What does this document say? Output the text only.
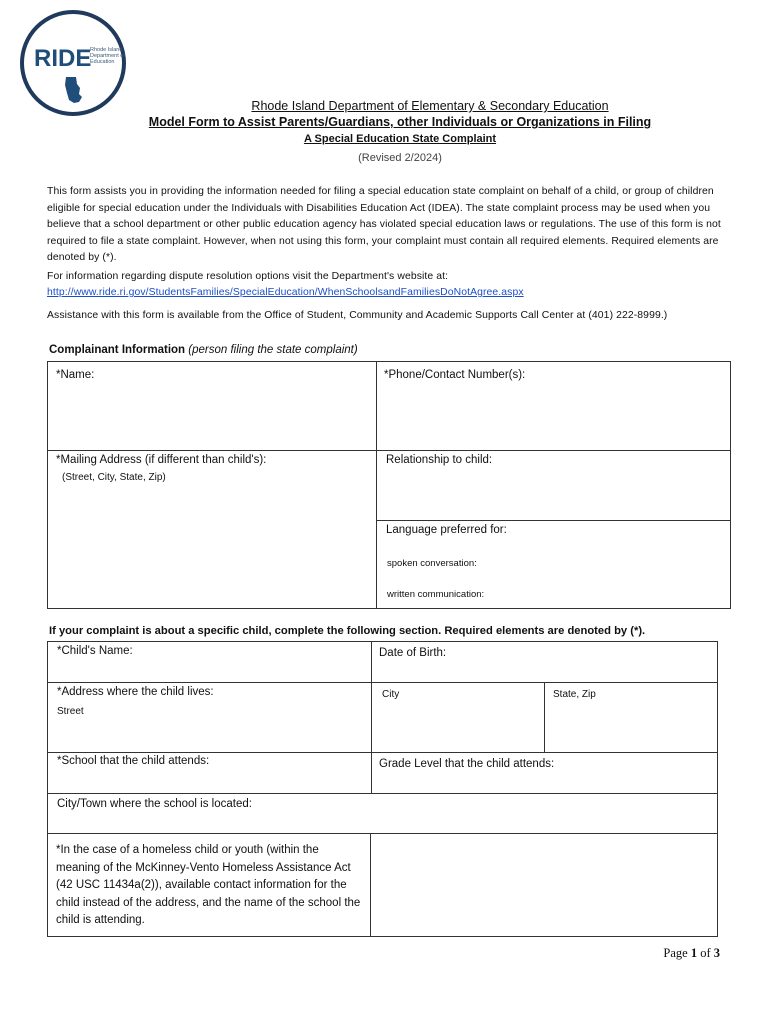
RIDE
Rhode Island Department of Education
Rhode Island Department of Elementary & Secondary Education
Model Form to Assist Parents/Guardians, other Individuals or Organizations in Filing
A Special Education State Complaint
(Revised 2/2024)
This form assists you in providing the information needed for filing a special education state complaint on behalf of a child, or group of children eligible for special education under the Individuals with Disabilities Education Act (IDEA). The state complaint process may be used when you believe that a school department or other public education agency has violated special education laws or regulations. The use of this form is not required to file a state complaint. However, when not using this form, your complaint must contain all required elements. Required elements are denoted by (*).
For information regarding dispute resolution options visit the Department's website at:
http://www.ride.ri.gov/StudentsFamilies/SpecialEducation/WhenSchoolsandFamiliesDoNotAgree.aspx
Assistance with this form is available from the Office of Student, Community and Academic Supports Call Center at (401) 222-8999.)
Complainant Information (person filing the state complaint)
*Name:	*Phone/Contact Number(s):
*Mailing Address (if different than child's):
(Street, City, State, Zip)
Relationship to child:
Language preferred for:
spoken conversation:
written communication:
If your complaint is about a specific child, complete the following section. Required elements are denoted by (*).
*Child's Name:	Date of Birth:
*Address where the child lives:
Street
City	State, Zip
*School that the child attends:	Grade Level that the child attends:
City/Town where the school is located:
*In the case of a homeless child or youth (within the meaning of the McKinney-Vento Homeless Assistance Act (42 USC 11434a(2)), available contact information for the child instead of the address, and the name of the school the child is attending.
Page 1 of 3
